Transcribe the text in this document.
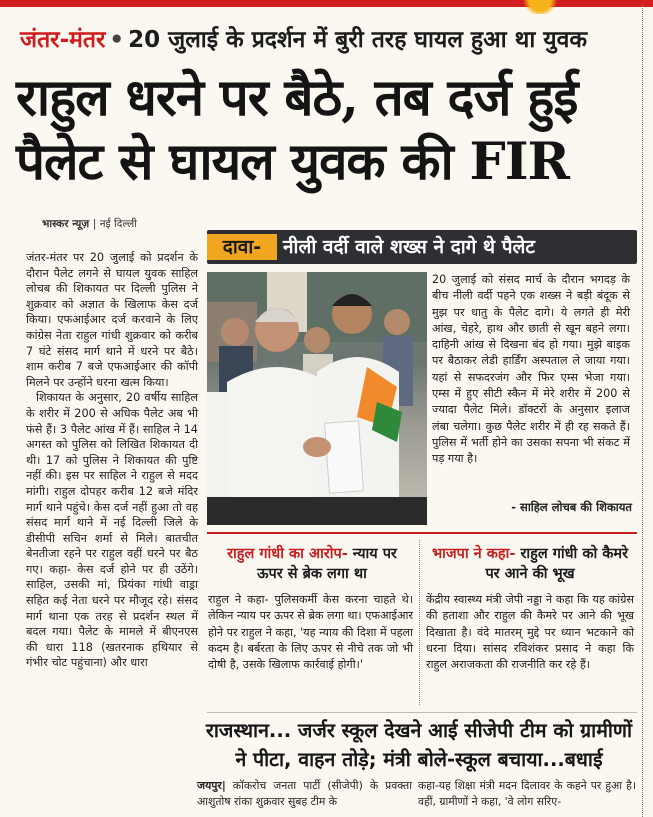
जंतर-मंतर • 20 जुलाई के प्रदर्शन में बुरी तरह घायल हुआ था युवक
राहुल धरने पर बैठे, तब दर्ज हुई
पैलेट से घायल युवक की FIR
भास्कर न्यूज़ | नई दिल्ली

जंतर-मंतर पर 20 जुलाई को प्रदर्शन के दौरान पैलेट लगने से घायल युवक साहिल लोचब की शिकायत पर दिल्ली पुलिस ने शुक्रवार को अज्ञात के खिलाफ केस दर्ज किया। एफआईआर दर्ज करवाने के लिए कांग्रेस नेता राहुल गांधी शुक्रवार को करीब 7 घंटे संसद मार्ग थाने में धरने पर बैठे। शाम करीब 7 बजे एफआईआर की कॉपी मिलने पर उन्होंने धरना खत्म किया।

शिकायत के अनुसार, 20 वर्षीय साहिल के शरीर में 200 से अधिक पैलेट अब भी फंसे हैं। 3 पैलेट आंख में हैं। साहिल ने 14 अगस्त को पुलिस को लिखित शिकायत दी थी। 17 को पुलिस ने शिकायत की पुष्टि नहीं की। इस पर साहिल ने राहुल से मदद मांगी। राहुल दोपहर करीब 12 बजे मंदिर मार्ग थाने पहुंचे। केस दर्ज नहीं हुआ तो वह संसद मार्ग थाने में नई दिल्ली जिले के डीसीपी सचिन शर्मा से मिले। बातचीत बेनतीजा रहने पर राहुल वहीं धरने पर बैठ गए। कहा- केस दर्ज होने पर ही उठेंगे। साहिल, उसकी मां, प्रियंका गांधी वाड्रा सहित कई नेता धरने पर मौजूद रहे। संसद मार्ग थाना एक तरह से प्रदर्शन स्थल में बदल गया। पैलेट के मामले में बीएनएस की धारा 118 (खतरनाक हथियार से गंभीर चोट पहुंचाना) और धारा

दावा-	नीली वर्दी वाले शख्स ने दागे थे पैलेट
20 जुलाई को संसद मार्च के दौरान भगदड़ के बीच नीली वर्दी पहने एक शख्स ने बड़ी बंदूक से मुझ पर धातु के पैलेट दागे। ये लगते ही मेरी आंख, चेहरे, हाथ और छाती से खून बहने लगा। दाहिनी आंख से दिखना बंद हो गया। मुझे बाइक पर बैठाकर लेडी हार्डिंग अस्पताल ले जाया गया। यहां से सफदरजंग और फिर एम्स भेजा गया। एम्स में हुए सीटी स्कैन में मेरे शरीर में 200 से ज्यादा पैलेट मिले। डॉक्टरों के अनुसार इलाज लंबा चलेगा। कुछ पैलेट शरीर में ही रह सकते हैं। पुलिस में भर्ती होने का उसका सपना भी संकट में पड़ गया है।
- साहिल लोचब की शिकायत
राहुल गांधी का आरोप- न्याय पर ऊपर से ब्रेक लगा था
राहुल ने कहा- पुलिसकर्मी केस करना चाहते थे। लेकिन न्याय पर ऊपर से ब्रेक लगा था। एफआईआर होने पर राहुल ने कहा, 'यह न्याय की दिशा में पहला कदम है। बर्बरता के लिए ऊपर से नीचे तक जो भी दोषी है, उसके खिलाफ कार्रवाई होगी।'
भाजपा ने कहा- राहुल गांधी को कैमरे पर आने की भूख
केंद्रीय स्वास्थ्य मंत्री जेपी नड्डा ने कहा कि यह कांग्रेस की हताशा और राहुल की कैमरे पर आने की भूख दिखाता है। वंदे मातरम् मुद्दे पर ध्यान भटकाने को धरना दिया। सांसद रविशंकर प्रसाद ने कहा कि राहुल अराजकता की राजनीति कर रहे हैं।
राजस्थान... जर्जर स्कूल देखने आई सीजेपी टीम को ग्रामीणों
ने पीटा, वाहन तोड़े; मंत्री बोले-स्कूल बचाया...बधाई
जयपुर| कॉकरोच जनता पार्टी (सीजेपी) के प्रवक्ता आशुतोष रांका शुक्रवार सुबह टीम के
कहा-यह शिक्षा मंत्री मदन दिलावर के कहने पर हुआ है। वहीं, ग्रामीणों ने कहा, 'वे लोग सरिए-
